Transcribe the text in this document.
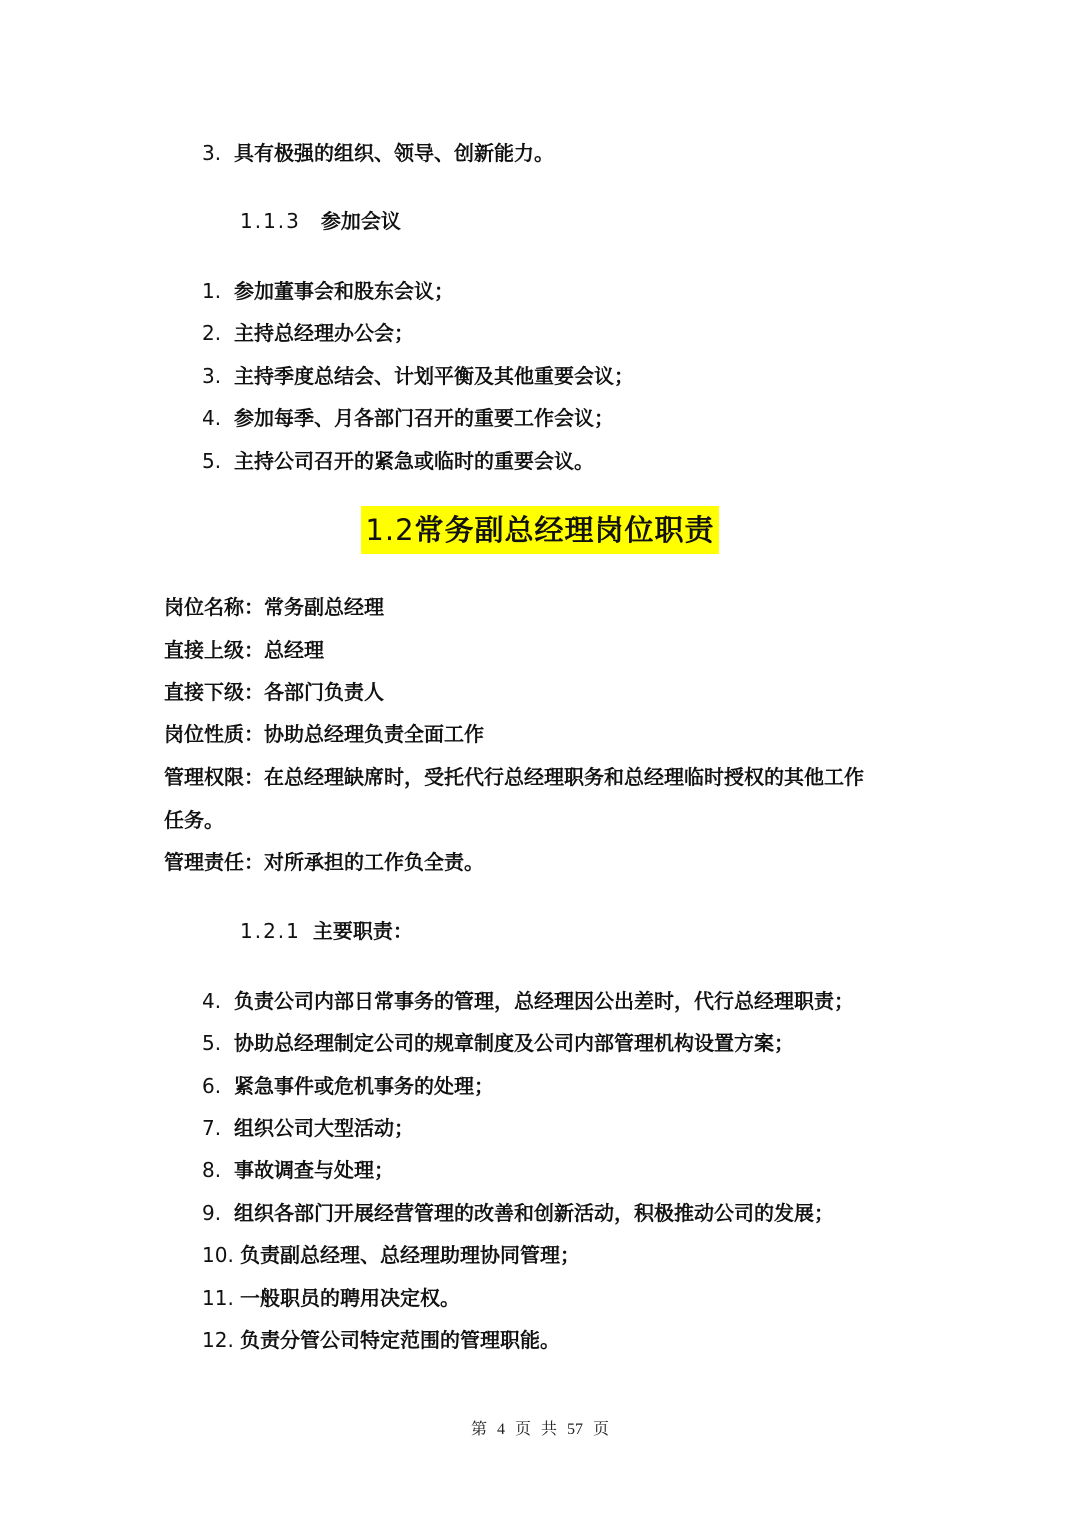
3. 具有极强的组织、领导、创新能力。
1.1.3 参加会议
1. 参加董事会和股东会议；
2. 主持总经理办公会；
3. 主持季度总结会、计划平衡及其他重要会议；
4. 参加每季、月各部门召开的重要工作会议；
5. 主持公司召开的紧急或临时的重要会议。
1.2常务副总经理岗位职责
岗位名称：常务副总经理
直接上级：总经理
直接下级：各部门负责人
岗位性质：协助总经理负责全面工作
管理权限：在总经理缺席时，受托代行总经理职务和总经理临时授权的其他工作
任务。
管理责任：对所承担的工作负全责。
1.2.1 主要职责：
4. 负责公司内部日常事务的管理，总经理因公出差时，代行总经理职责；
5. 协助总经理制定公司的规章制度及公司内部管理机构设置方案；
6. 紧急事件或危机事务的处理；
7. 组织公司大型活动；
8. 事故调查与处理；
9. 组织各部门开展经营管理的改善和创新活动，积极推动公司的发展；
10. 负责副总经理、总经理助理协同管理；
11. 一般职员的聘用决定权。
12. 负责分管公司特定范围的管理职能。
第 4 页 共 57 页
